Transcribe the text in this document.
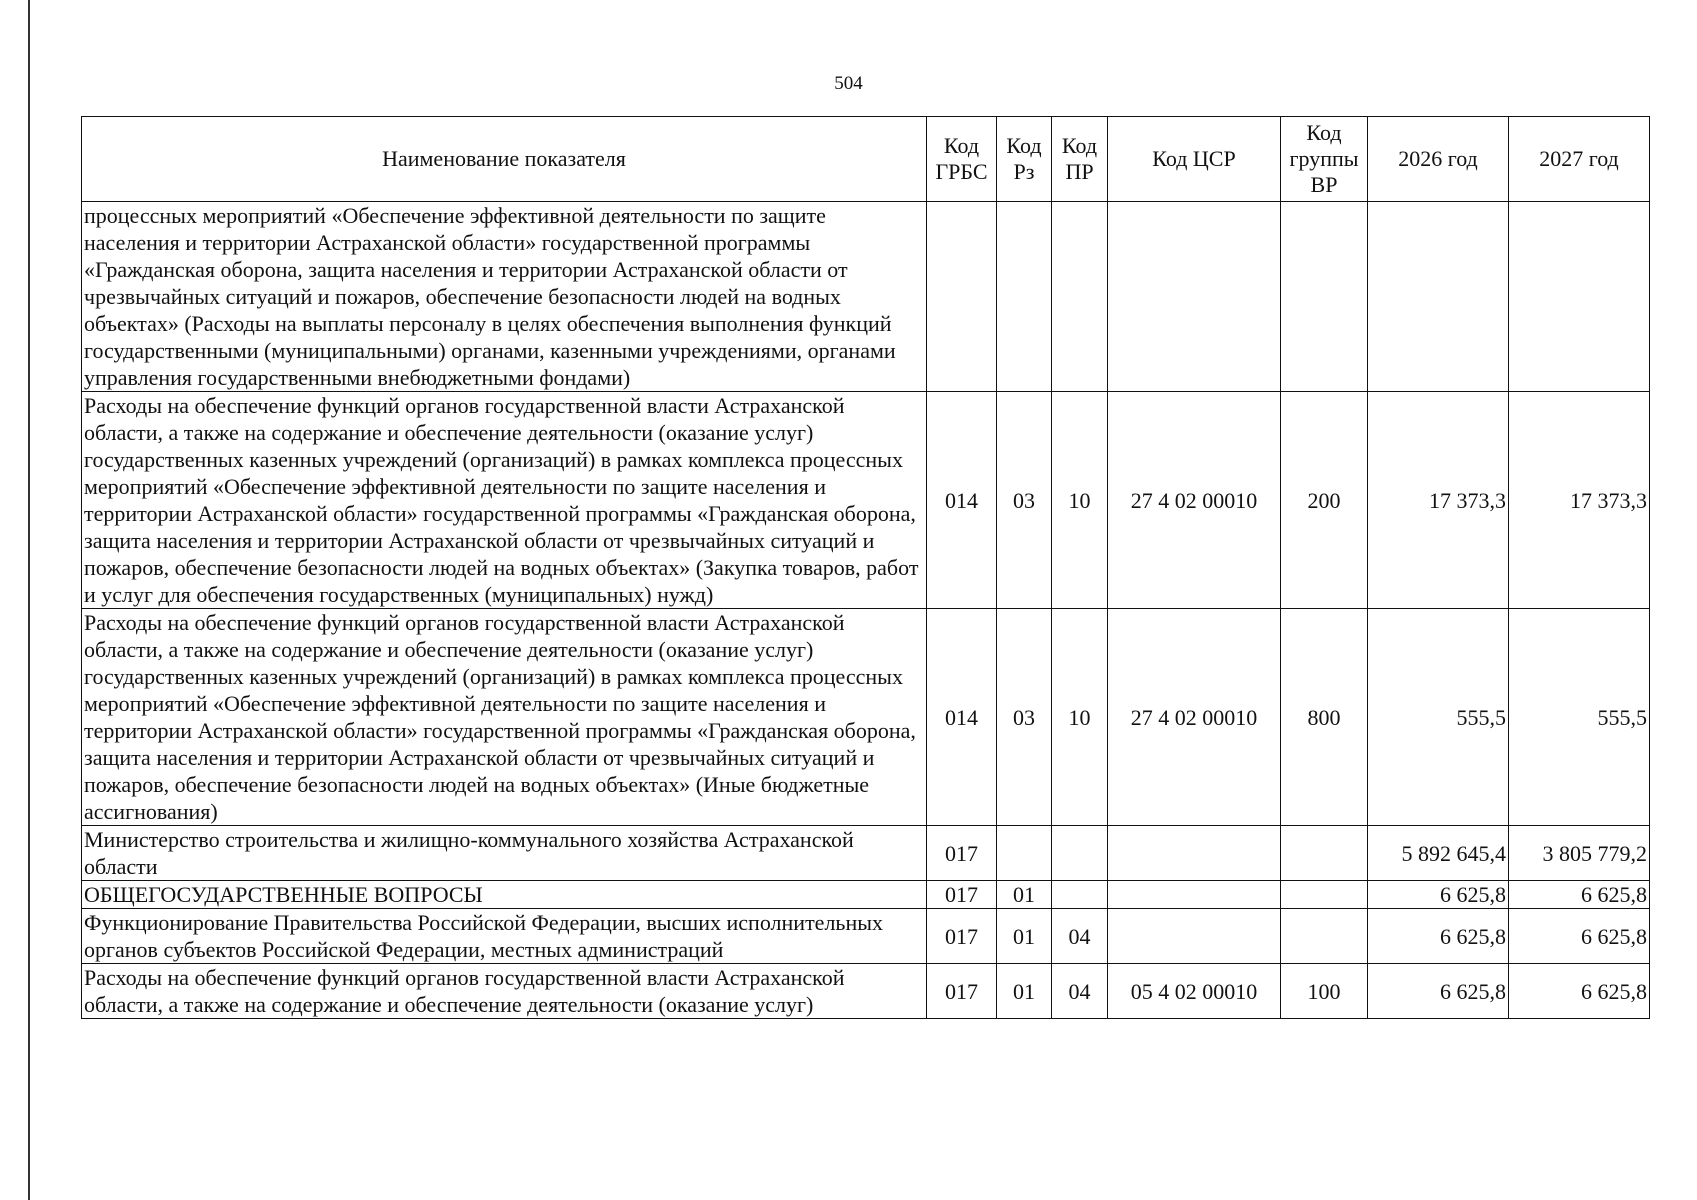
504
Наименование показателя	Код ГРБС	Код Рз	Код ПР	Код ЦСР	Код группы ВР	2026 год	2027 год
процессных мероприятий «Обеспечение эффективной деятельности по защите населения и территории Астраханской области» государственной программы «Гражданская оборона, защита населения и территории Астраханской области от чрезвычайных ситуаций и пожаров, обеспечение безопасности людей на водных объектах» (Расходы на выплаты персоналу в целях обеспечения выполнения функций государственными (муниципальными) органами, казенными учреждениями, органами управления государственными внебюджетными фондами)							
Расходы на обеспечение функций органов государственной власти Астраханской области, а также на содержание и обеспечение деятельности (оказание услуг) государственных казенных учреждений (организаций) в рамках комплекса процессных мероприятий «Обеспечение эффективной деятельности по защите населения и территории Астраханской области» государственной программы «Гражданская оборона, защита населения и территории Астраханской области от чрезвычайных ситуаций и пожаров, обеспечение безопасности людей на водных объектах» (Закупка товаров, работ и услуг для обеспечения государственных (муниципальных) нужд)	014	03	10	27 4 02 00010	200	17 373,3	17 373,3
Расходы на обеспечение функций органов государственной власти Астраханской области, а также на содержание и обеспечение деятельности (оказание услуг) государственных казенных учреждений (организаций) в рамках комплекса процессных мероприятий «Обеспечение эффективной деятельности по защите населения и территории Астраханской области» государственной программы «Гражданская оборона, защита населения и территории Астраханской области от чрезвычайных ситуаций и пожаров, обеспечение безопасности людей на водных объектах» (Иные бюджетные ассигнования)	014	03	10	27 4 02 00010	800	555,5	555,5
Министерство строительства и жилищно-коммунального хозяйства Астраханской области	017					5 892 645,4	3 805 779,2
ОБЩЕГОСУДАРСТВЕННЫЕ ВОПРОСЫ	017	01				6 625,8	6 625,8
Функционирование Правительства Российской Федерации, высших исполнительных органов субъектов Российской Федерации, местных администраций	017	01	04			6 625,8	6 625,8
Расходы на обеспечение функций органов государственной власти Астраханской области, а также на содержание и обеспечение деятельности (оказание услуг)	017	01	04	05 4 02 00010	100	6 625,8	6 625,8
